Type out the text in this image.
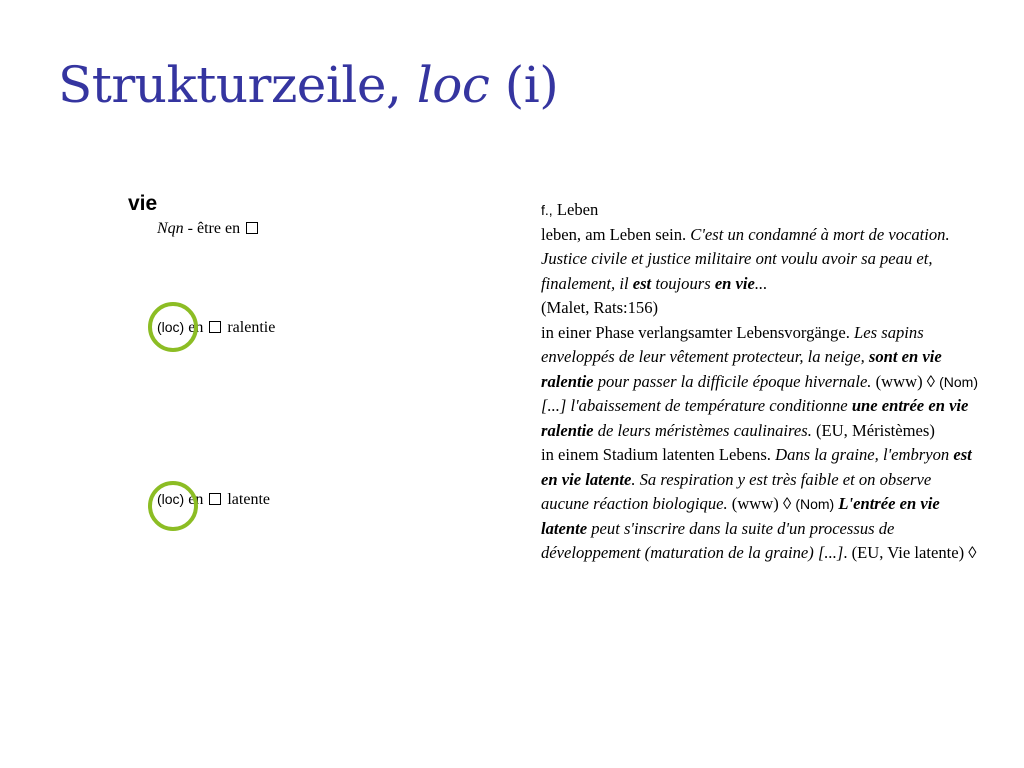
Strukturzeile, loc (i)
vie
Nqn - être en
(loc) en ralentie
(loc) en latente

f., Leben

leben, am Leben sein. C'est un condamné à mort de vocation. Justice civile et justice militaire ont voulu avoir sa peau et, finalement, il est toujours en vie...
(Malet, Rats:156)

in einer Phase verlangsamter Lebensvorgänge. Les sapins enveloppés de leur vêtement protecteur, la neige, sont en vie ralentie pour passer la difficile époque hivernale. (www) ◊ (Nom) [...] l'abaissement de température conditionne une entrée en vie ralentie de leurs méristèmes caulinaires. (EU, Méristèmes)

in einem Stadium latenten Lebens. Dans la graine, l'embryon est en vie latente. Sa respiration y est très faible et on observe aucune réaction biologique. (www) ◊ (Nom) L'entrée en vie latente peut s'inscrire dans la suite d'un processus de développement (maturation de la graine) [...]. (EU, Vie latente) ◊
